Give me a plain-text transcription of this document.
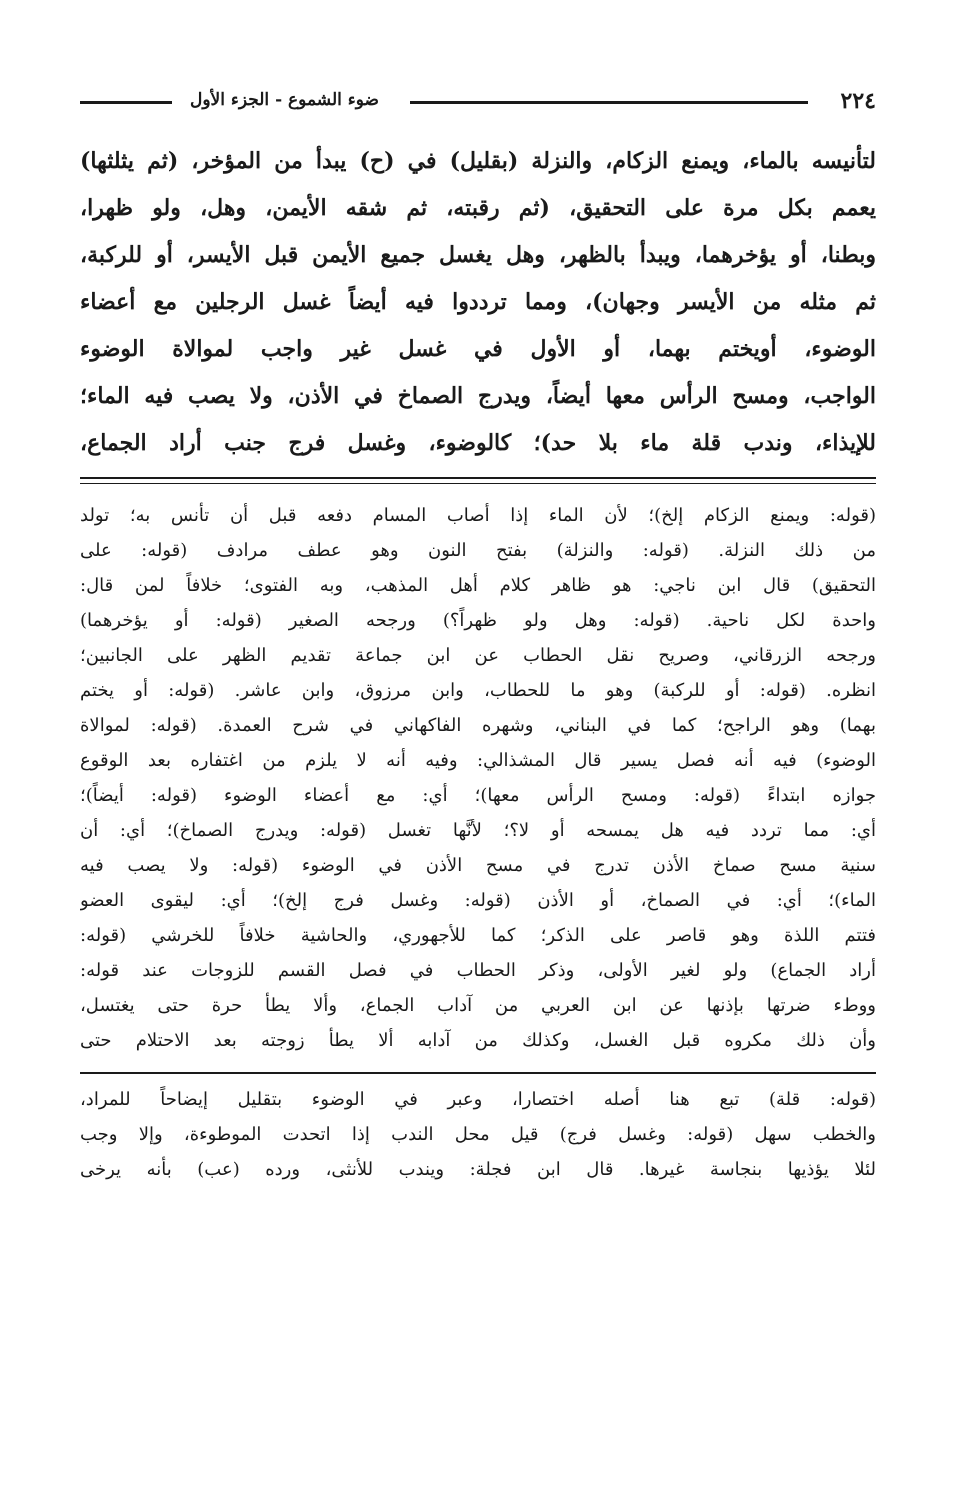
٢٢٤
ضوء الشموع - الجزء الأول

لتأنيسه بالماء، ويمنع الزكام، والنزلة (بقليل) في (ح) يبدأ من المؤخر، (ثم يثلثها)

يعمم بكل مرة على التحقيق، (ثم رقبته، ثم شقه الأيمن، وهل، ولو ظهرا،

وبطنا، أو يؤخرهما، ويبدأ بالظهر، وهل يغسل جميع الأيمن قبل الأيسر، أو للركبة،

ثم مثله من الأيسر وجهان)، ومما ترددوا فيه أيضاً غسل الرجلين مع أعضاء

الوضوء، أويختم بهما، أو الأول في غسل غير واجب لموالاة الوضوء

الواجب، ومسح الرأس معها أيضاً، ويدرج الصماخ في الأذن، ولا يصب فيه الماء؛

للإيذاء، وندب قلة ماء بلا حد)؛ كالوضوء، وغسل فرج جنب أراد الجماع،

(قوله: ويمنع الزكام إلخ)؛ لأن الماء إذا أصاب المسام دفعه قبل أن تأنس به؛ تولد

من ذلك النزلة. (قوله: والنزلة) بفتح النون وهو عطف مرادف (قوله: على

التحقيق) قال ابن ناجي: هو ظاهر كلام أهل المذهب، وبه الفتوى؛ خلافاً لمن قال:

واحدة لكل ناحية. (قوله: وهل ولو ظهراً؟) ورجحه الصغير (قوله: أو يؤخرهما)

ورجحه الزرقاني، وصريح نقل الحطاب عن ابن جماعة تقديم الظهر على الجانبين؛

انظره. (قوله: أو للركبة) وهو ما للحطاب، وابن مرزوق، وابن عاشر. (قوله: أو يختم

بهما) وهو الراجح؛ كما في البناني، وشهره الفاكهاني في شرح العمدة. (قوله: لموالاة

الوضوء) فيه أنه فصل يسير قال المشذالي: وفيه أنه لا يلزم من اغتفاره بعد الوقوع

جوازه ابتداءً (قوله: ومسح الرأس معها)؛ أي: مع أعضاء الوضوء (قوله: أيضاً)؛

أي: مما تردد فيه هل يمسحه أو لا؟؛ لأنَّها تغسل (قوله: ويدرج الصماخ)؛ أي: أن

سنية مسح صماخ الأذن تدرج في مسح الأذن في الوضوء (قوله: ولا يصب فيه

الماء)؛ أي: في الصماخ، أو الأذن (قوله: وغسل فرج إلخ)؛ أي: ليقوى العضو

فتتم اللذة وهو قاصر على الذكر؛ كما للأجهوري، والحاشية خلافاً للخرشي (قوله:

أراد الجماع) ولو لغير الأولى، وذكر الحطاب في فصل القسم للزوجات عند قوله:

ووطء ضرتها بإذنها عن ابن العربي من آداب الجماع، وألا يطأ حرة حتى يغتسل،

وأن ذلك مكروه قبل الغسل، وكذلك من آدابه ألا يطأ زوجته بعد الاحتلام حتى

(قوله: قلة) تبع هنا أصله اختصارا، وعبر في الوضوء بتقليل إيضاحاً للمراد،

والخطب سهل (قوله: وغسل فرج) قيل محل الندب إذا اتحدت الموطوءة، وإلا وجب

لئلا يؤذيها بنجاسة غيرها. قال ابن فجلة: ويندب للأنثى، ورده (عب) بأنه يرخى
